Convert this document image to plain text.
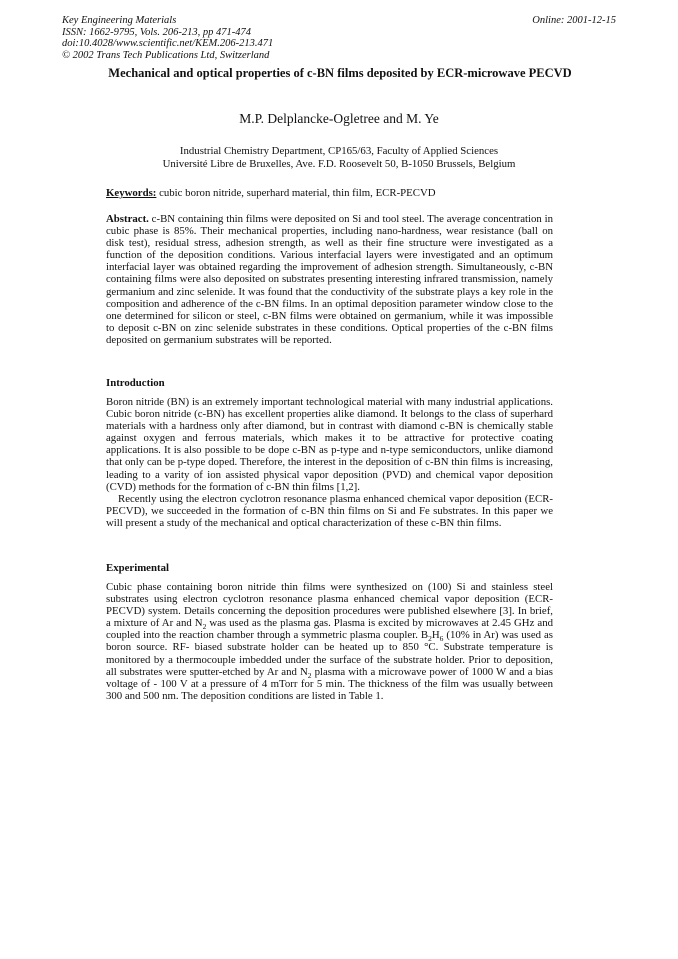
Key Engineering Materials
ISSN: 1662-9795, Vols. 206-213, pp 471-474
doi:10.4028/www.scientific.net/KEM.206-213.471
© 2002 Trans Tech Publications Ltd, Switzerland
Online: 2001-12-15
Mechanical and optical properties of c-BN films deposited by ECR-microwave PECVD
M.P. Delplancke-Ogletree and M. Ye
Industrial Chemistry Department, CP165/63, Faculty of Applied Sciences
Université Libre de Bruxelles, Ave. F.D. Roosevelt 50, B-1050 Brussels, Belgium
Keywords: cubic boron nitride, superhard material, thin film, ECR-PECVD

Abstract. c-BN containing thin films were deposited on Si and tool steel. The average concentration in cubic phase is 85%. Their mechanical properties, including nano-hardness, wear resistance (ball on disk test), residual stress, adhesion strength, as well as their fine structure were investigated as a function of the deposition conditions. Various interfacial layers were investigated and an optimum interfacial layer was obtained regarding the improvement of adhesion strength. Simultaneously, c-BN containing films were also deposited on substrates presenting interesting infrared transmission, namely germanium and zinc selenide. It was found that the conductivity of the substrate plays a key role in the composition and adherence of the c-BN films. In an optimal deposition parameter window close to the one determined for silicon or steel, c-BN films were obtained on germanium, while it was impossible to deposit c-BN on zinc selenide substrates in these conditions. Optical properties of the c-BN films deposited on germanium substrates will be reported.

Introduction

Boron nitride (BN) is an extremely important technological material with many industrial applications. Cubic boron nitride (c-BN) has excellent properties alike diamond. It belongs to the class of superhard materials with a hardness only after diamond, but in contrast with diamond c-BN is chemically stable against oxygen and ferrous materials, which makes it to be attractive for protective coating applications. It is also possible to be dope c-BN as p-type and n-type semiconductors, unlike diamond that only can be p-type doped. Therefore, the interest in the deposition of c-BN thin films is increasing, leading to a varity of ion assisted physical vapor deposition (PVD) and chemical vapor deposition (CVD) methods for the formation of c-BN thin films [1,2].

Recently using the electron cyclotron resonance plasma enhanced chemical vapor deposition (ECR-PECVD), we succeeded in the formation of c-BN thin films on Si and Fe substrates. In this paper we will present a study of the mechanical and optical characterization of these c-BN thin films.

Experimental

Cubic phase containing boron nitride thin films were synthesized on (100) Si and stainless steel substrates using electron cyclotron resonance plasma enhanced chemical vapor deposition (ECR-PECVD) system. Details concerning the deposition procedures were published elsewhere [3]. In brief, a mixture of Ar and $N_2$ was used as the plasma gas. Plasma is excited by microwaves at 2.45 GHz and coupled into the reaction chamber through a symmetric plasma coupler. $B_2H_6$ (10% in Ar) was used as boron source. RF- biased substrate holder can be heated up to 850 °C. Substrate temperature is monitored by a thermocouple imbedded under the surface of the substrate holder. Prior to deposition, all substrates were sputter-etched by Ar and $N_2$ plasma with a microwave power of 1000 W and a bias voltage of - 100 V at a pressure of 4 mTorr for 5 min. The thickness of the film was usually between 300 and 500 nm. The deposition conditions are listed in Table 1.
